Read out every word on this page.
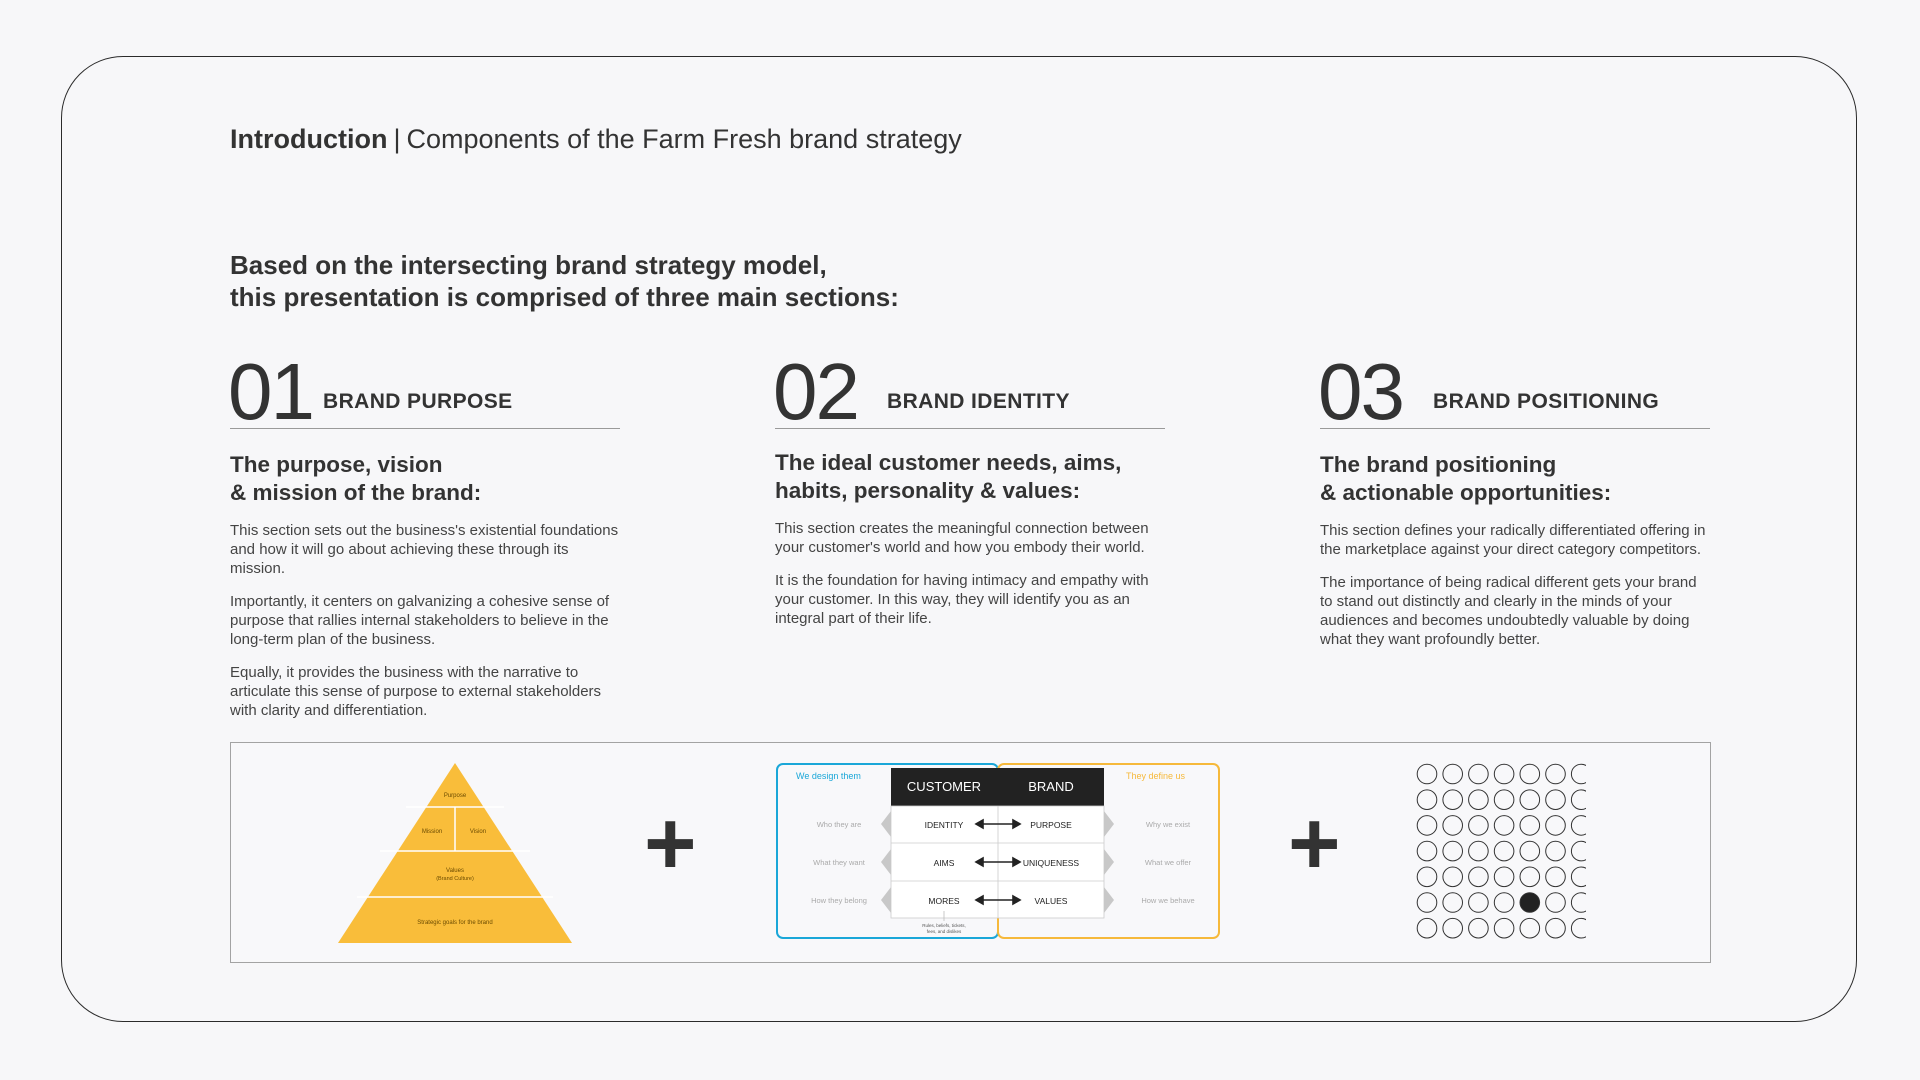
Introduction | Components of the Farm Fresh brand strategy
Based on the intersecting brand strategy model,
this presentation is comprised of three main sections:
01 BRAND PURPOSE
The purpose, vision
& mission of the brand:

This section sets out the business's existential foundations and how it will go about achieving these through its mission.

Importantly, it centers on galvanizing a cohesive sense of purpose that rallies internal stakeholders to believe in the long-term plan of the business.

Equally, it provides the business with the narrative to articulate this sense of purpose to external stakeholders with clarity and differentiation.

02 BRAND IDENTITY
The ideal customer needs, aims,
habits, personality & values:

This section creates the meaningful connection between your customer's world and how you embody their world.

It is the foundation for having intimacy and empathy with your customer. In this way, they will identify you as an integral part of their life.

03 BRAND POSITIONING
The brand positioning
& actionable opportunities:

This section defines your radically differentiated offering in the marketplace against your direct category competitors.

The importance of being radical different gets your brand to stand out distinctly and clearly in the minds of your audiences and becomes undoubtedly valuable by doing what they want profoundly better.

Purpose
Mission	Vision
Values
(Brand Culture)
Strategic goals for the brand
+
We design them	They define us
CUSTOMER	BRAND
Who they are
What they want
How they belong
Why we exist
What we offer
How we behave
IDENTITY
AIMS
MORES
PURPOSE
UNIQUENESS
VALUES
Rules, beliefs, tickets,
fees, and dislikes
+
